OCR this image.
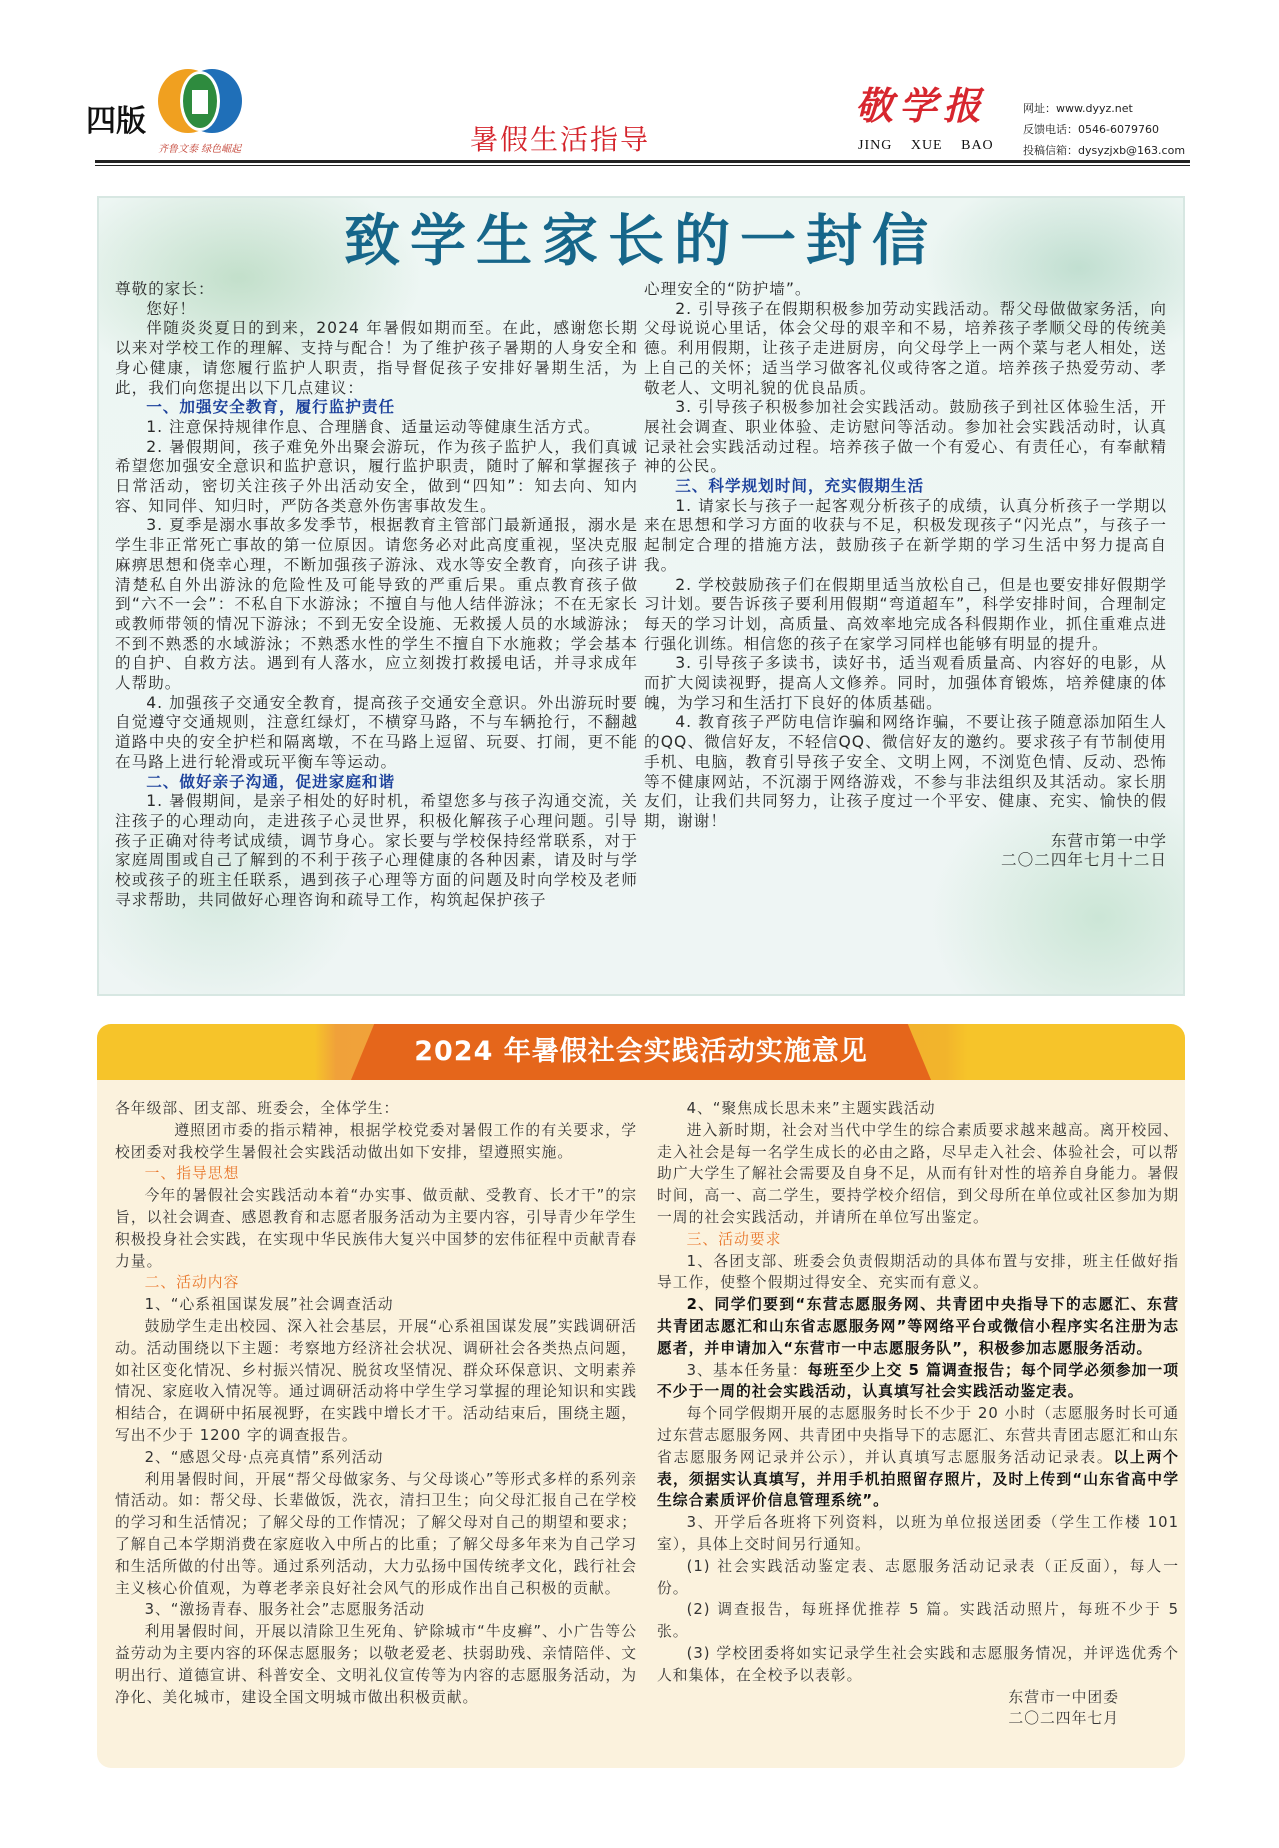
四版
齐鲁文泰 绿色崛起	暑假生活指导
敬学报
JING XUE BAO
网址：www.dyyz.net
反馈电话：0546-6079760
投稿信箱：dysyzjxb@163.com
致学生家长的一封信

尊敬的家长：

您好！

伴随炎炎夏日的到来，2024 年暑假如期而至。在此，感谢您长期以来对学校工作的理解、支持与配合！为了维护孩子暑期的人身安全和身心健康，请您履行监护人职责，指导督促孩子安排好暑期生活，为此，我们向您提出以下几点建议：

一、加强安全教育，履行监护责任

1. 注意保持规律作息、合理膳食、适量运动等健康生活方式。

2. 暑假期间，孩子难免外出聚会游玩，作为孩子监护人，我们真诚希望您加强安全意识和监护意识，履行监护职责，随时了解和掌握孩子日常活动，密切关注孩子外出活动安全，做到“四知”：知去向、知内容、知同伴、知归时，严防各类意外伤害事故发生。

3. 夏季是溺水事故多发季节，根据教育主管部门最新通报，溺水是学生非正常死亡事故的第一位原因。请您务必对此高度重视，坚决克服麻痹思想和侥幸心理，不断加强孩子游泳、戏水等安全教育，向孩子讲清楚私自外出游泳的危险性及可能导致的严重后果。重点教育孩子做到“六不一会”：不私自下水游泳；不擅自与他人结伴游泳；不在无家长或教师带领的情况下游泳；不到无安全设施、无救援人员的水域游泳；不到不熟悉的水域游泳；不熟悉水性的学生不擅自下水施救；学会基本的自护、自救方法。遇到有人落水，应立刻拨打救援电话，并寻求成年人帮助。

4. 加强孩子交通安全教育，提高孩子交通安全意识。外出游玩时要自觉遵守交通规则，注意红绿灯，不横穿马路，不与车辆抢行，不翻越道路中央的安全护栏和隔离墩，不在马路上逗留、玩耍、打闹，更不能在马路上进行轮滑或玩平衡车等运动。

二、做好亲子沟通，促进家庭和谐

1. 暑假期间，是亲子相处的好时机，希望您多与孩子沟通交流，关注孩子的心理动向，走进孩子心灵世界，积极化解孩子心理问题。引导孩子正确对待考试成绩，调节身心。家长要与学校保持经常联系，对于家庭周围或自己了解到的不利于孩子心理健康的各种因素，请及时与学校或孩子的班主任联系，遇到孩子心理等方面的问题及时向学校及老师寻求帮助，共同做好心理咨询和疏导工作，构筑起保护孩子

心理安全的“防护墙”。

2. 引导孩子在假期积极参加劳动实践活动。帮父母做做家务活，向父母说说心里话，体会父母的艰辛和不易，培养孩子孝顺父母的传统美德。利用假期，让孩子走进厨房，向父母学上一两个菜与老人相处，送上自己的关怀；适当学习做客礼仪或待客之道。培养孩子热爱劳动、孝敬老人、文明礼貌的优良品质。

3. 引导孩子积极参加社会实践活动。鼓励孩子到社区体验生活，开展社会调查、职业体验、走访慰问等活动。参加社会实践活动时，认真记录社会实践活动过程。培养孩子做一个有爱心、有责任心，有奉献精神的公民。

三、科学规划时间，充实假期生活

1. 请家长与孩子一起客观分析孩子的成绩，认真分析孩子一学期以来在思想和学习方面的收获与不足，积极发现孩子“闪光点”，与孩子一起制定合理的措施方法，鼓励孩子在新学期的学习生活中努力提高自我。

2. 学校鼓励孩子们在假期里适当放松自己，但是也要安排好假期学习计划。要告诉孩子要利用假期“弯道超车”，科学安排时间，合理制定每天的学习计划，高质量、高效率地完成各科假期作业，抓住重难点进行强化训练。相信您的孩子在家学习同样也能够有明显的提升。

3. 引导孩子多读书，读好书，适当观看质量高、内容好的电影，从而扩大阅读视野，提高人文修养。同时，加强体育锻炼，培养健康的体魄，为学习和生活打下良好的体质基础。

4. 教育孩子严防电信诈骗和网络诈骗，不要让孩子随意添加陌生人的QQ、微信好友，不轻信QQ、微信好友的邀约。要求孩子有节制使用手机、电脑，教育引导孩子安全、文明上网，不浏览色情、反动、恐怖等不健康网站，不沉溺于网络游戏，不参与非法组织及其活动。家长朋友们，让我们共同努力，让孩子度过一个平安、健康、充实、愉快的假期，谢谢！

东营市第一中学　　　　

二〇二四年七月十二日　　　

2024 年暑假社会实践活动实施意见

各年级部、团支部、班委会，全体学生：

遵照团市委的指示精神，根据学校党委对暑假工作的有关要求，学校团委对我校学生暑假社会实践活动做出如下安排，望遵照实施。

一、指导思想

今年的暑假社会实践活动本着“办实事、做贡献、受教育、长才干”的宗旨，以社会调查、感恩教育和志愿者服务活动为主要内容，引导青少年学生积极投身社会实践，在实现中华民族伟大复兴中国梦的宏伟征程中贡献青春力量。

二、活动内容

1、“心系祖国谋发展”社会调查活动

鼓励学生走出校园、深入社会基层，开展“心系祖国谋发展”实践调研活动。活动围绕以下主题：考察地方经济社会状况、调研社会各类热点问题，如社区变化情况、乡村振兴情况、脱贫攻坚情况、群众环保意识、文明素养情况、家庭收入情况等。通过调研活动将中学生学习掌握的理论知识和实践相结合，在调研中拓展视野，在实践中增长才干。活动结束后，围绕主题，写出不少于 1200 字的调查报告。

2、“感恩父母·点亮真情”系列活动

利用暑假时间，开展“帮父母做家务、与父母谈心”等形式多样的系列亲情活动。如：帮父母、长辈做饭，洗衣，清扫卫生；向父母汇报自己在学校的学习和生活情况；了解父母的工作情况；了解父母对自己的期望和要求；了解自己本学期消费在家庭收入中所占的比重；了解父母多年来为自己学习和生活所做的付出等。通过系列活动，大力弘扬中国传统孝文化，践行社会主义核心价值观，为尊老孝亲良好社会风气的形成作出自己积极的贡献。

3、“激扬青春、服务社会”志愿服务活动

利用暑假时间，开展以清除卫生死角、铲除城市“牛皮癣”、小广告等公益劳动为主要内容的环保志愿服务；以敬老爱老、扶弱助残、亲情陪伴、文明出行、道德宣讲、科普安全、文明礼仪宣传等为内容的志愿服务活动，为净化、美化城市，建设全国文明城市做出积极贡献。

4、“聚焦成长思未来”主题实践活动

进入新时期，社会对当代中学生的综合素质要求越来越高。离开校园、走入社会是每一名学生成长的必由之路，尽早走入社会、体验社会，可以帮助广大学生了解社会需要及自身不足，从而有针对性的培养自身能力。暑假时间，高一、高二学生，要持学校介绍信，到父母所在单位或社区参加为期一周的社会实践活动，并请所在单位写出鉴定。

三、活动要求

1、各团支部、班委会负责假期活动的具体布置与安排，班主任做好指导工作，使整个假期过得安全、充实而有意义。

2、同学们要到“东营志愿服务网、共青团中央指导下的志愿汇、东营共青团志愿汇和山东省志愿服务网”等网络平台或微信小程序实名注册为志愿者，并申请加入“东营市一中志愿服务队”，积极参加志愿服务活动。

3、基本任务量：每班至少上交 5 篇调查报告；每个同学必须参加一项不少于一周的社会实践活动，认真填写社会实践活动鉴定表。

每个同学假期开展的志愿服务时长不少于 20 小时（志愿服务时长可通过东营志愿服务网、共青团中央指导下的志愿汇、东营共青团志愿汇和山东省志愿服务网记录并公示），并认真填写志愿服务活动记录表。以上两个表，须据实认真填写，并用手机拍照留存照片，及时上传到“山东省高中学生综合素质评价信息管理系统”。

3、开学后各班将下列资料，以班为单位报送团委（学生工作楼 101 室），具体上交时间另行通知。

(1) 社会实践活动鉴定表、志愿服务活动记录表（正反面），每人一份。

(2) 调查报告，每班择优推荐 5 篇。实践活动照片，每班不少于 5 张。

(3) 学校团委将如实记录学生社会实践和志愿服务情况，并评选优秀个人和集体，在全校予以表彰。

东营市一中团委　

二〇二四年七月
